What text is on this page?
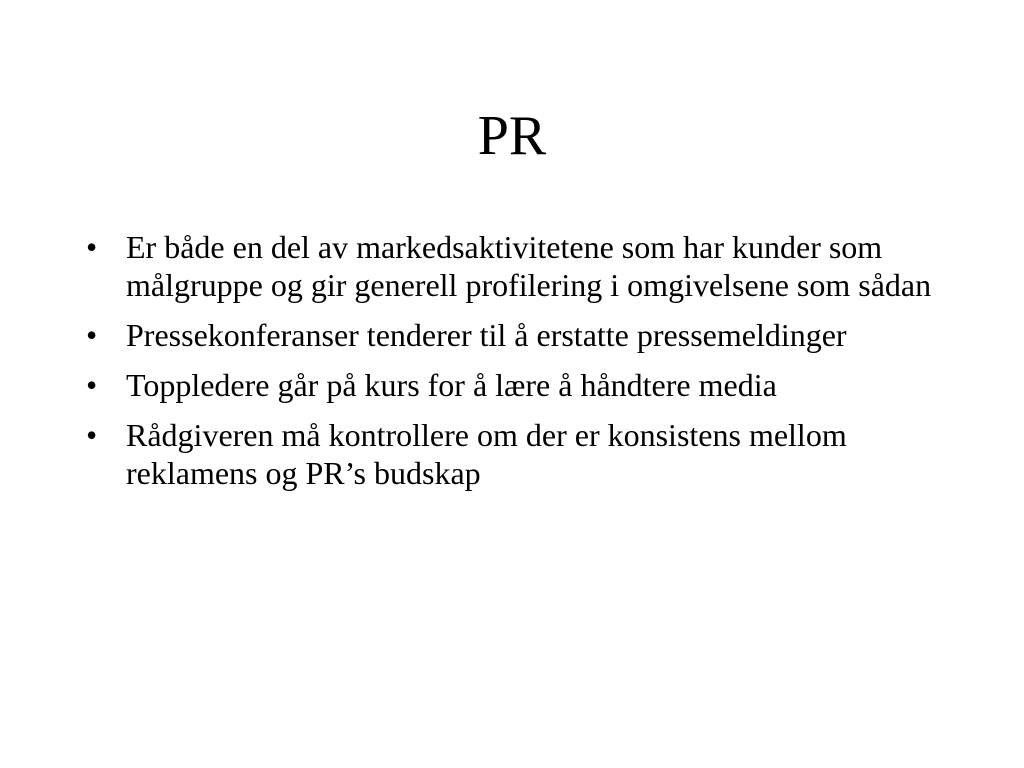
PR
• Er både en del av markedsaktivitetene som har kunder som målgruppe og gir generell profilering i omgivelsene som sådan
• Pressekonferanser tenderer til å erstatte pressemeldinger
• Toppledere går på kurs for å lære å håndtere media
• Rådgiveren må kontrollere om der er konsistens mellom reklamens og PR’s budskap
